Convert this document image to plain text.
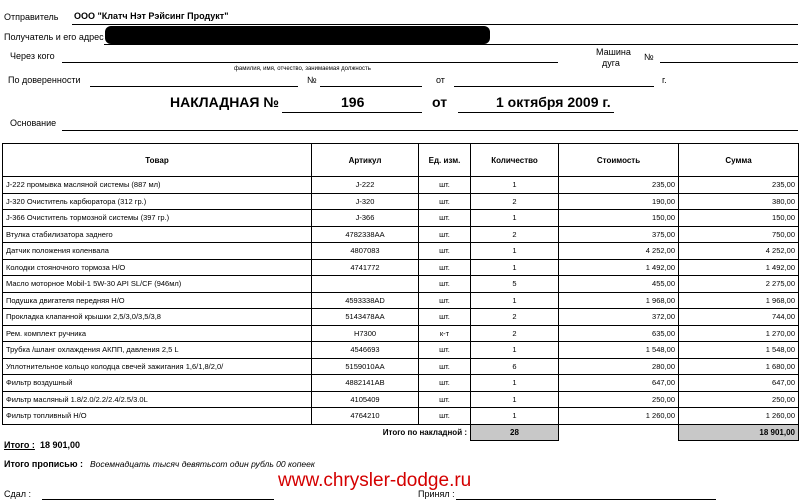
Отправитель ООО "Клатч Нэт Рэйсинг Продукт"
Получатель и его адрес
Через кого
фамилия, имя, отчество, занимаемая должность
Машина
дуга
№
По доверенности	№	от	г.
НАКЛАДНАЯ №	196	от	1 октября 2009 г.
Основание
Товар	Артикул	Ед. изм.	Количество	Стоимость	Сумма
J-222 промывка масляной системы (887 мл)	J-222	шт.	1	235,00	235,00
J-320 Очиститель карбюратора (312 гр.)	J-320	шт.	2	190,00	380,00
J-366 Очиститель тормозной системы (397 гр.)	J-366	шт.	1	150,00	150,00
Втулка стабилизатора заднего	4782338AA	шт.	2	375,00	750,00
Датчик положения коленвала	4807083	шт.	1	4 252,00	4 252,00
Колодки стояночного тормоза H/O	4741772	шт.	1	1 492,00	1 492,00
Масло моторное Mobil-1 5W-30 API SL/CF (946мл)		шт.	5	455,00	2 275,00
Подушка двигателя передняя H/O	4593338AD	шт.	1	1 968,00	1 968,00
Прокладка клапанной крышки 2,5/3,0/3,5/3,8	5143478AA	шт.	2	372,00	744,00
Рем. комплект ручника	H7300	к-т	2	635,00	1 270,00
Трубка /шланг охлаждения АКПП, давления 2,5 L	4546693	шт.	1	1 548,00	1 548,00
Уплотнительное кольцо колодца свечей зажигания 1,6/1,8/2,0/	5159010AA	шт.	6	280,00	1 680,00
Фильтр воздушный	4882141AB	шт.	1	647,00	647,00
Фильтр масляный 1.8/2.0/2.2/2.4/2.5/3.0L	4105409	шт.	1	250,00	250,00
Фильтр топливный H/O	4764210	шт.	1	1 260,00	1 260,00
	Итого по накладной :		28		18 901,00
Итого : 18 901,00
Итого прописью : Восемнадцать тысяч девятьсот один рубль 00 копеек
Сдал :	Принял :
www.chrysler-dodge.ru
